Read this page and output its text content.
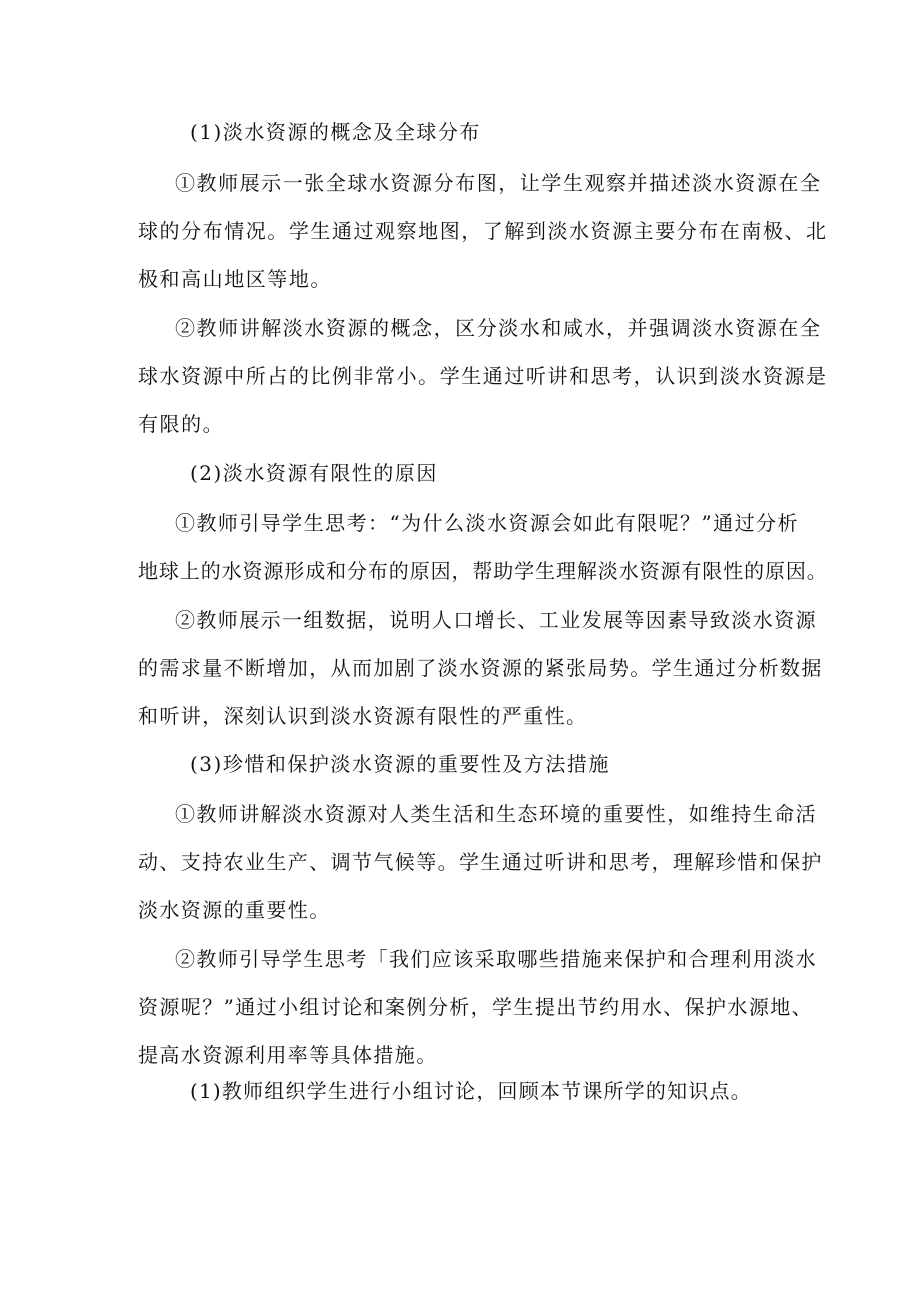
(1)淡水资源的概念及全球分布
①教师展示一张全球水资源分布图，让学生观察并描述淡水资源在全
球的分布情况。学生通过观察地图，了解到淡水资源主要分布在南极、北
极和高山地区等地。
②教师讲解淡水资源的概念，区分淡水和咸水，并强调淡水资源在全
球水资源中所占的比例非常小。学生通过听讲和思考，认识到淡水资源是
有限的。
(2)淡水资源有限性的原因
①教师引导学生思考：“为什么淡水资源会如此有限呢？”通过分析
地球上的水资源形成和分布的原因，帮助学生理解淡水资源有限性的原因。
②教师展示一组数据，说明人口增长、工业发展等因素导致淡水资源
的需求量不断增加，从而加剧了淡水资源的紧张局势。学生通过分析数据
和听讲，深刻认识到淡水资源有限性的严重性。
(3)珍惜和保护淡水资源的重要性及方法措施
①教师讲解淡水资源对人类生活和生态环境的重要性，如维持生命活
动、支持农业生产、调节气候等。学生通过听讲和思考，理解珍惜和保护
淡水资源的重要性。
②教师引导学生思考「我们应该采取哪些措施来保护和合理利用淡水
资源呢？”通过小组讨论和案例分析，学生提出节约用水、保护水源地、
提高水资源利用率等具体措施。
(1)教师组织学生进行小组讨论，回顾本节课所学的知识点。
